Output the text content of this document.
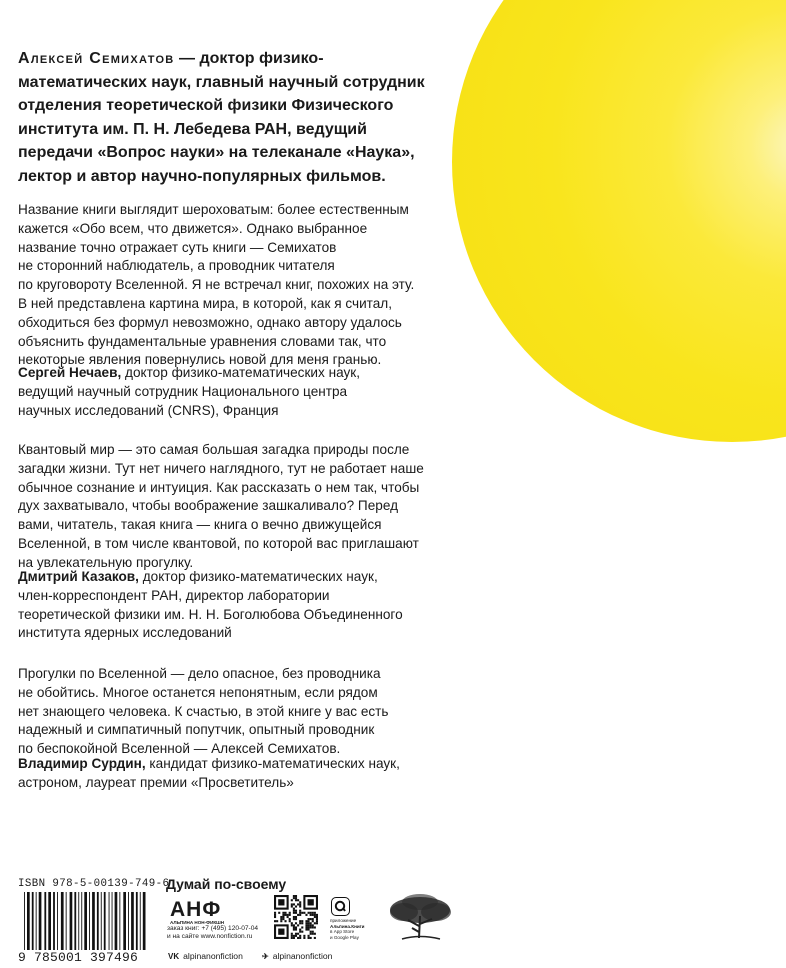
Алексей Семихатов — доктор физико-
математических наук, главный научный сотрудник
отделения теоретической физики Физического
института им. П. Н. Лебедева РАН, ведущий
передачи «Вопрос науки» на телеканале «Наука»,
лектор и автор научно-популярных фильмов.

Название книги выглядит шероховатым: более естественным
кажется «Обо всем, что движется». Однако выбранное
название точно отражает суть книги — Семихатов
не сторонний наблюдатель, а проводник читателя
по круговороту Вселенной. Я не встречал книг, похожих на эту.
В ней представлена картина мира, в которой, как я считал,
обходиться без формул невозможно, однако автору удалось
объяснить фундаментальные уравнения словами так, что
некоторые явления повернулись новой для меня гранью.

Сергей Нечаев, доктор физико-математических наук,
ведущий научный сотрудник Национального центра
научных исследований (CNRS), Франция

Квантовый мир — это самая большая загадка природы после
загадки жизни. Тут нет ничего наглядного, тут не работает наше
обычное сознание и интуиция. Как рассказать о нем так, чтобы
дух захватывало, чтобы воображение зашкаливало? Перед
вами, читатель, такая книга — книга о вечно движущейся
Вселенной, в том числе квантовой, по которой вас приглашают
на увлекательную прогулку.

Дмитрий Казаков, доктор физико-математических наук,
член-корреспондент РАН, директор лаборатории
теоретической физики им. Н. Н. Боголюбова Объединенного
института ядерных исследований

Прогулки по Вселенной — дело опасное, без проводника
не обойтись. Многое останется непонятным, если рядом
нет знающего человека. К счастью, в этой книге у вас есть
надежный и симпатичный попутчик, опытный проводник
по беспокойной Вселенной — Алексей Семихатов.

Владимир Сурдин, кандидат физико-математических наук,
астроном, лауреат премии «Просветитель»

ISBN 978-5-00139-749-6
9 785001 397496
Думай по-своему
АНФ
АЛЬПИНА НОН-ФИКШН
заказ книг: +7 (495) 120-07-04
и на сайте www.nonfiction.ru
приложение
Альпина.Книги
в App Store
и Google Play
VK alpinanonfiction ✈ alpinanonfiction
